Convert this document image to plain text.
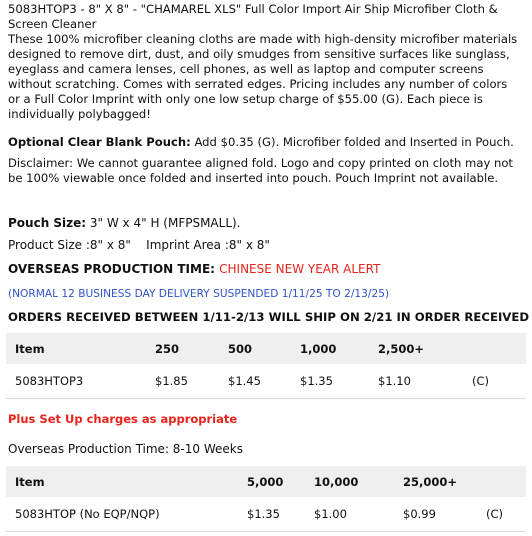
5083HTOP3 - 8" X 8" - "CHAMAREL XLS" Full Color Import Air Ship Microfiber Cloth & Screen Cleaner

These 100% microfiber cleaning cloths are made with high-density microfiber materials designed to remove dirt, dust, and oily smudges from sensitive surfaces like sunglass, eyeglass and camera lenses, cell phones, as well as laptop and computer screens without scratching. Comes with serrated edges. Pricing includes any number of colors or a Full Color Imprint with only one low setup charge of $55.00 (G). Each piece is individually polybagged!

Optional Clear Blank Pouch: Add $0.35 (G). Microfiber folded and Inserted in Pouch.

Disclaimer: We cannot guarantee aligned fold. Logo and copy printed on cloth may not be 100% viewable once folded and inserted into pouch. Pouch Imprint not available.

Pouch Size: 3" W x 4" H (MFPSMALL).

Product Size :8" x 8"    Imprint Area :8" x 8"

OVERSEAS PRODUCTION TIME: CHINESE NEW YEAR ALERT

(NORMAL 12 BUSINESS DAY DELIVERY SUSPENDED 1/11/25 TO 2/13/25)

ORDERS RECEIVED BETWEEN 1/11-2/13 WILL SHIP ON 2/21 IN ORDER RECEIVED

Item	250	500	1,000	2,500+	
5083HTOP3	$1.85	$1.45	$1.35	$1.10	(C)

Plus Set Up charges as appropriate

Overseas Production Time: 8-10 Weeks

Item	5,000	10,000	25,000+	
5083HTOP (No EQP/NQP)	$1.35	$1.00	$0.99	(C)
